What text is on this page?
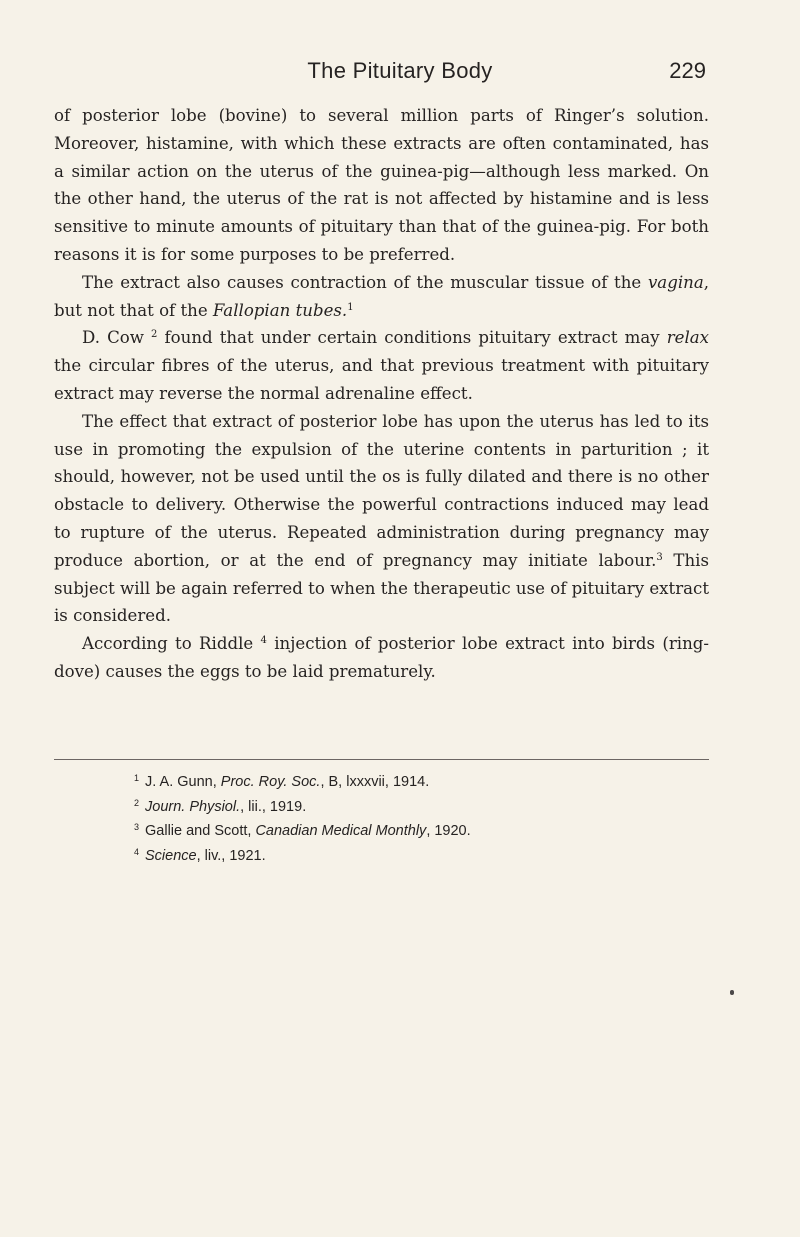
The Pituitary Body	229

of posterior lobe (bovine) to several million parts of Ringer’s solution. Moreover, histamine, with which these extracts are often contaminated, has a similar action on the uterus of the guinea-pig—although less marked. On the other hand, the uterus of the rat is not affected by histamine and is less sensitive to minute amounts of pituitary than that of the guinea-pig. For both reasons it is for some purposes to be preferred.

The extract also causes contraction of the muscular tissue of the vagina, but not that of the Fallopian tubes.$^1$

D. Cow $^2$ found that under certain conditions pituitary extract may relax the circular fibres of the uterus, and that previous treatment with pituitary extract may reverse the normal adrenaline effect.

The effect that extract of posterior lobe has upon the uterus has led to its use in promoting the expulsion of the uterine contents in parturition ; it should, however, not be used until the os is fully dilated and there is no other obstacle to delivery. Otherwise the powerful contractions induced may lead to rupture of the uterus. Repeated administration during pregnancy may produce abortion, or at the end of pregnancy may initiate labour.$^3$ This subject will be again referred to when the therapeutic use of pituitary extract is considered.

According to Riddle $^4$ injection of posterior lobe extract into birds (ring-dove) causes the eggs to be laid prematurely.

$^1$ J. A. Gunn, Proc. Roy. Soc., B, lxxxvii, 1914.
$^2$ Journ. Physiol., lii., 1919.
$^3$ Gallie and Scott, Canadian Medical Monthly, 1920.
$^4$ Science, liv., 1921.
